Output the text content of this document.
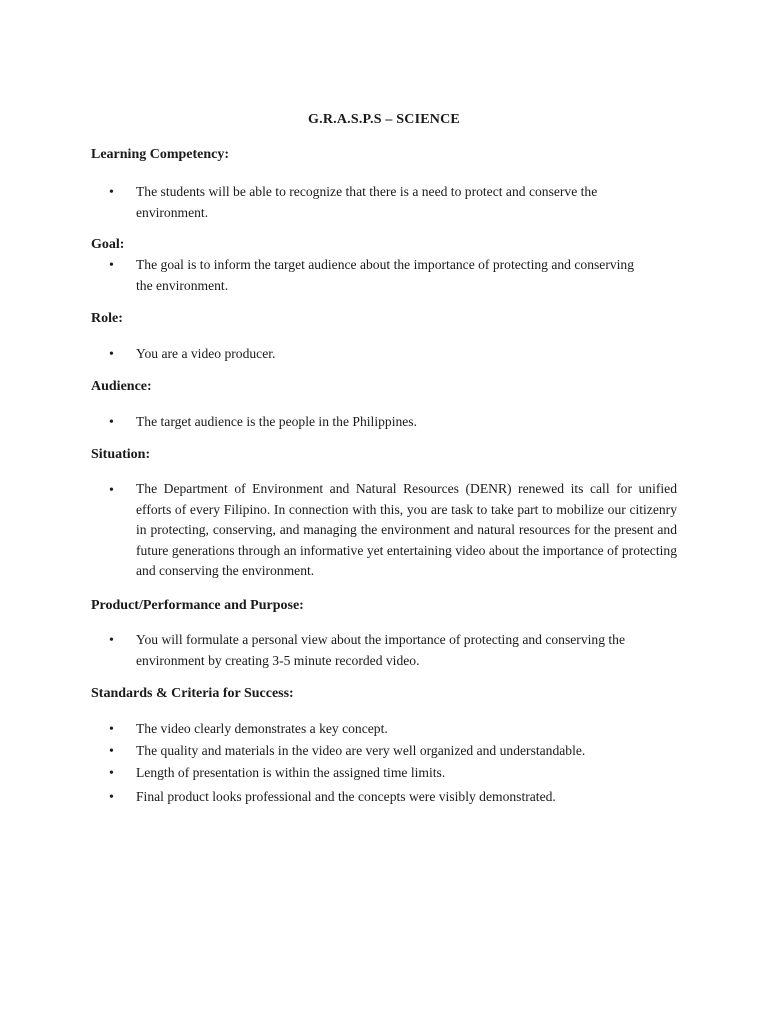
G.R.A.S.P.S – SCIENCE
Learning Competency:
• The students will be able to recognize that there is a need to protect and conserve the environment.
Goal:
• The goal is to inform the target audience about the importance of protecting and conserving the environment.
Role:
• You are a video producer.
Audience:
• The target audience is the people in the Philippines.
Situation:
• The Department of Environment and Natural Resources (DENR) renewed its call for unified efforts of every Filipino. In connection with this, you are task to take part to mobilize our citizenry in protecting, conserving, and managing the environment and natural resources for the present and future generations through an informative yet entertaining video about the importance of protecting and conserving the environment.
Product/Performance and Purpose:
• You will formulate a personal view about the importance of protecting and conserving the environment by creating 3-5 minute recorded video.
Standards & Criteria for Success:
• The video clearly demonstrates a key concept.
• The quality and materials in the video are very well organized and understandable.
• Length of presentation is within the assigned time limits.
• Final product looks professional and the concepts were visibly demonstrated.
